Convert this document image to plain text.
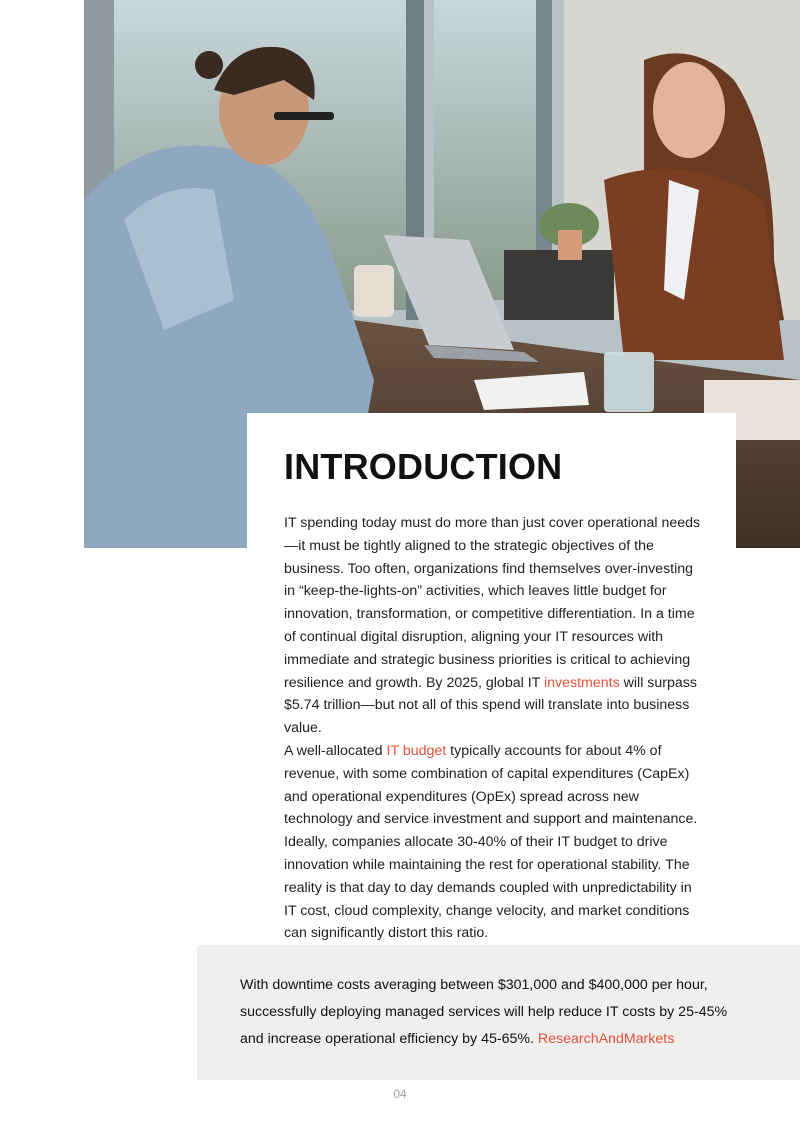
INTRODUCTION

IT spending today must do more than just cover operational needs—it must be tightly aligned to the strategic objectives of the business. Too often, organizations find themselves over-investing in “keep-the-lights-on” activities, which leaves little budget for innovation, transformation, or competitive differentiation. In a time of continual digital disruption, aligning your IT resources with immediate and strategic business priorities is critical to achieving resilience and growth. By 2025, global IT investments will surpass $5.74 trillion—but not all of this spend will translate into business value.

A well-allocated IT budget typically accounts for about 4% of revenue, with some combination of capital expenditures (CapEx) and operational expenditures (OpEx) spread across new technology and service investment and support and maintenance. Ideally, companies allocate 30-40% of their IT budget to drive innovation while maintaining the rest for operational stability. The reality is that day to day demands coupled with unpredictability in IT cost, cloud complexity, change velocity, and market conditions can significantly distort this ratio.

With downtime costs averaging between $301,000 and $400,000 per hour, successfully deploying managed services will help reduce IT costs by 25-45% and increase operational efficiency by 45-65%. ResearchAndMarkets

04
